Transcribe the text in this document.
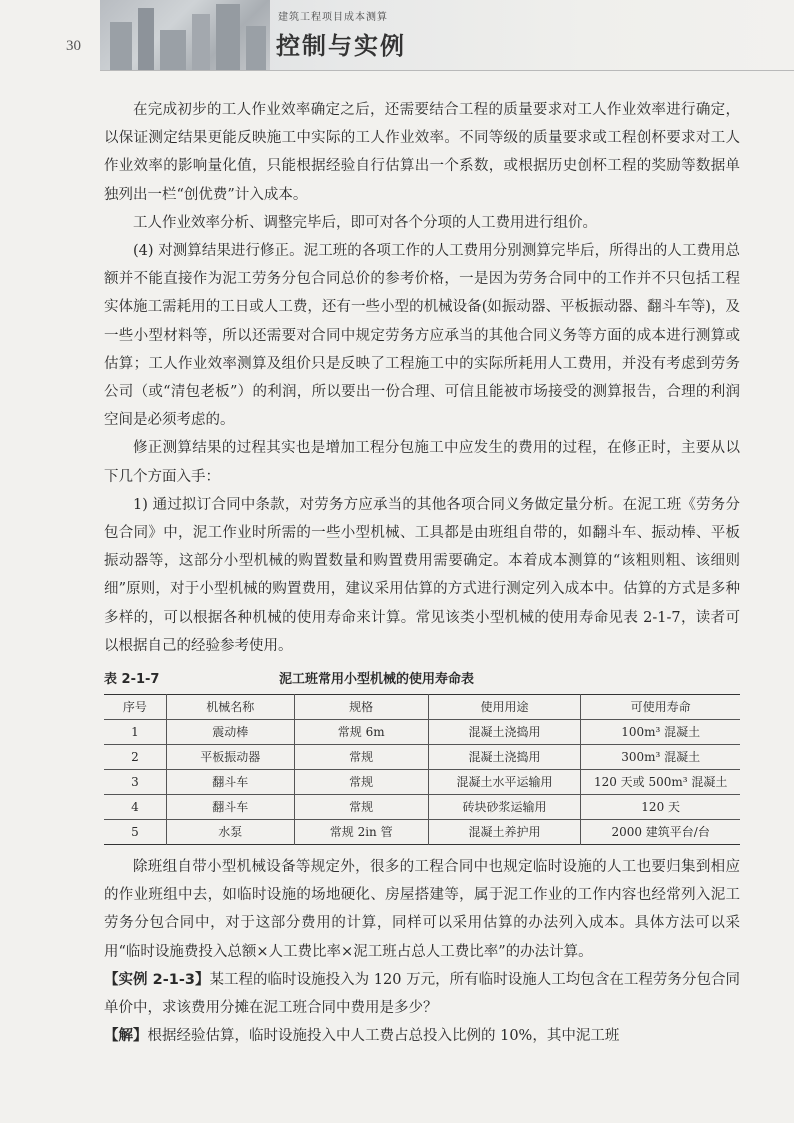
30
建筑工程项目成本测算
控制与实例

在完成初步的工人作业效率确定之后，还需要结合工程的质量要求对工人作业效率进行确定，以保证测定结果更能反映施工中实际的工人作业效率。不同等级的质量要求或工程创杯要求对工人作业效率的影响量化值，只能根据经验自行估算出一个系数，或根据历史创杯工程的奖励等数据单独列出一栏“创优费”计入成本。

工人作业效率分析、调整完毕后，即可对各个分项的人工费用进行组价。

(4) 对测算结果进行修正。泥工班的各项工作的人工费用分别测算完毕后，所得出的人工费用总额并不能直接作为泥工劳务分包合同总价的参考价格，一是因为劳务合同中的工作并不只包括工程实体施工需耗用的工日或人工费，还有一些小型的机械设备(如振动器、平板振动器、翻斗车等)，及一些小型材料等，所以还需要对合同中规定劳务方应承当的其他合同义务等方面的成本进行测算或估算；工人作业效率测算及组价只是反映了工程施工中的实际所耗用人工费用，并没有考虑到劳务公司（或“清包老板”）的利润，所以要出一份合理、可信且能被市场接受的测算报告，合理的利润空间是必须考虑的。

修正测算结果的过程其实也是增加工程分包施工中应发生的费用的过程，在修正时，主要从以下几个方面入手：

1) 通过拟订合同中条款，对劳务方应承当的其他各项合同义务做定量分析。在泥工班《劳务分包合同》中，泥工作业时所需的一些小型机械、工具都是由班组自带的，如翻斗车、振动棒、平板振动器等，这部分小型机械的购置数量和购置费用需要确定。本着成本测算的“该粗则粗、该细则细”原则，对于小型机械的购置费用，建议采用估算的方式进行测定列入成本中。估算的方式是多种多样的，可以根据各种机械的使用寿命来计算。常见该类小型机械的使用寿命见表 2-1-7，读者可以根据自己的经验参考使用。

表 2-1-7	泥工班常用小型机械的使用寿命表
序号	机械名称	规格	使用用途	可使用寿命
1	震动棒	常规 6m	混凝土浇捣用	100m³ 混凝土
2	平板振动器	常规	混凝土浇捣用	300m³ 混凝土
3	翻斗车	常规	混凝土水平运输用	120 天或 500m³ 混凝土
4	翻斗车	常规	砖块砂浆运输用	120 天
5	水泵	常规 2in 管	混凝土养护用	2000 建筑平台/台

除班组自带小型机械设备等规定外，很多的工程合同中也规定临时设施的人工也要归集到相应的作业班组中去，如临时设施的场地硬化、房屋搭建等，属于泥工作业的工作内容也经常列入泥工劳务分包合同中，对于这部分费用的计算，同样可以采用估算的办法列入成本。具体方法可以采用“临时设施费投入总额×人工费比率×泥工班占总人工费比率”的办法计算。

【实例 2-1-3】某工程的临时设施投入为 120 万元，所有临时设施人工均包含在工程劳务分包合同单价中，求该费用分摊在泥工班合同中费用是多少？

【解】根据经验估算，临时设施投入中人工费占总投入比例的 10%，其中泥工班
